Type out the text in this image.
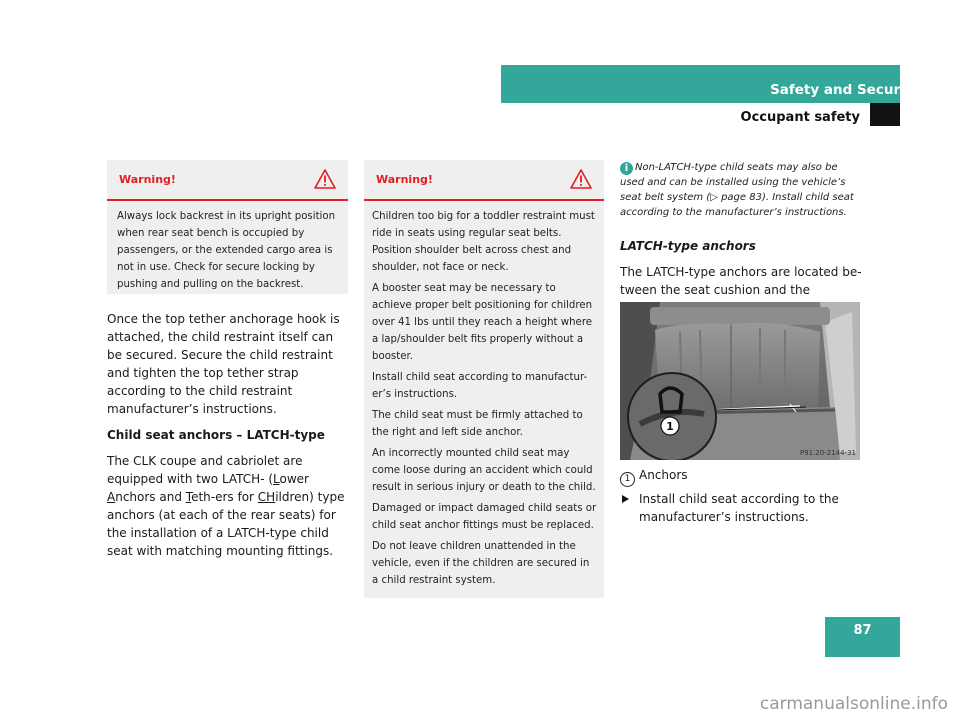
Safety and Security
Occupant safety
Warning!

Always lock backrest in its upright position when rear seat bench is occupied by passengers, or the extended cargo area is not in use. Check for secure locking by pushing and pulling on the backrest.

Once the top tether anchorage hook is attached, the child restraint itself can be secured. Secure the child restraint and tighten the top tether strap according to the child restraint manufacturer’s instructions.

Child seat anchors – LATCH-type

The CLK coupe and cabriolet are equipped with two LATCH- (Lower Anchors and Teth-ers for CHildren) type anchors (at each of the rear seats) for the installation of a LATCH-type child seat with matching mounting fittings.

Warning!

Children too big for a toddler restraint must ride in seats using regular seat belts. Position shoulder belt across chest and shoulder, not face or neck.

A booster seat may be necessary to achieve proper belt positioning for children over 41 lbs until they reach a height where a lap/shoulder belt fits properly without a booster.

Install child seat according to manufactur-er’s instructions.

The child seat must be firmly attached to the right and left side anchor.

An incorrectly mounted child seat may come loose during an accident which could result in serious injury or death to the child.

Damaged or impact damaged child seats or child seat anchor fittings must be replaced.

Do not leave children unattended in the vehicle, even if the children are secured in a child restraint system.

i Non-LATCH-type child seats may also be used and can be installed using the vehicle’s seat belt system (▷ page 83). Install child seat according to the manufacturer’s instructions.

LATCH-type anchors

The LATCH-type anchors are located be-tween the seat cushion and the

1
P91.20-2144-31
1 Anchors
Install child seat according to the manufacturer’s instructions.
87
carmanualsonline.info
